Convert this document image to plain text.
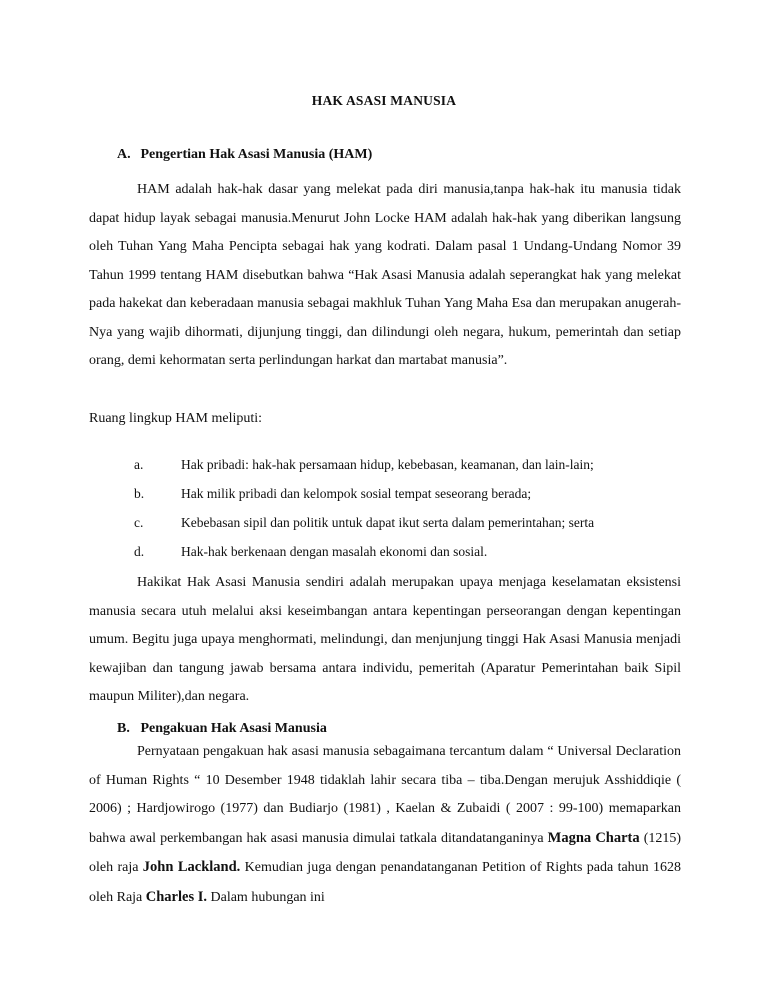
HAK ASASI MANUSIA
A. Pengertian Hak Asasi Manusia (HAM)

HAM adalah hak-hak dasar yang melekat pada diri manusia,tanpa hak-hak itu manusia tidak dapat hidup layak sebagai manusia.Menurut John Locke HAM adalah hak-hak yang diberikan langsung oleh Tuhan Yang Maha Pencipta sebagai hak yang kodrati. Dalam pasal 1 Undang-Undang Nomor 39 Tahun 1999 tentang HAM disebutkan bahwa “Hak Asasi Manusia adalah seperangkat hak yang melekat pada hakekat dan keberadaan manusia sebagai makhluk Tuhan Yang Maha Esa dan merupakan anugerah-Nya yang wajib dihormati, dijunjung tinggi, dan dilindungi oleh negara, hukum, pemerintah dan setiap orang, demi kehormatan serta perlindungan harkat dan martabat manusia”.

Ruang lingkup HAM meliputi:

a.	Hak pribadi: hak-hak persamaan hidup, kebebasan, keamanan, dan lain-lain;
b.	Hak milik pribadi dan kelompok sosial tempat seseorang berada;
c.	Kebebasan sipil dan politik untuk dapat ikut serta dalam pemerintahan; serta
d.	Hak-hak berkenaan dengan masalah ekonomi dan sosial.

Hakikat Hak Asasi Manusia sendiri adalah merupakan upaya menjaga keselamatan eksistensi manusia secara utuh melalui aksi keseimbangan antara kepentingan perseorangan dengan kepentingan umum. Begitu juga upaya menghormati, melindungi, dan menjunjung tinggi Hak Asasi Manusia menjadi kewajiban dan tangung jawab bersama antara individu, pemeritah (Aparatur Pemerintahan baik Sipil maupun Militer),dan negara.

B. Pengakuan Hak Asasi Manusia

Pernyataan pengakuan hak asasi manusia sebagaimana tercantum dalam “ Universal Declaration of Human Rights “ 10 Desember 1948 tidaklah lahir secara tiba – tiba.Dengan merujuk Asshiddiqie ( 2006) ; Hardjowirogo (1977) dan Budiarjo (1981) , Kaelan & Zubaidi ( 2007 : 99-100) memaparkan bahwa awal perkembangan hak asasi manusia dimulai tatkala ditandatanganinya Magna Charta (1215) oleh raja John Lackland. Kemudian juga dengan penandatanganan Petition of Rights pada tahun 1628 oleh Raja Charles I. Dalam hubungan ini
